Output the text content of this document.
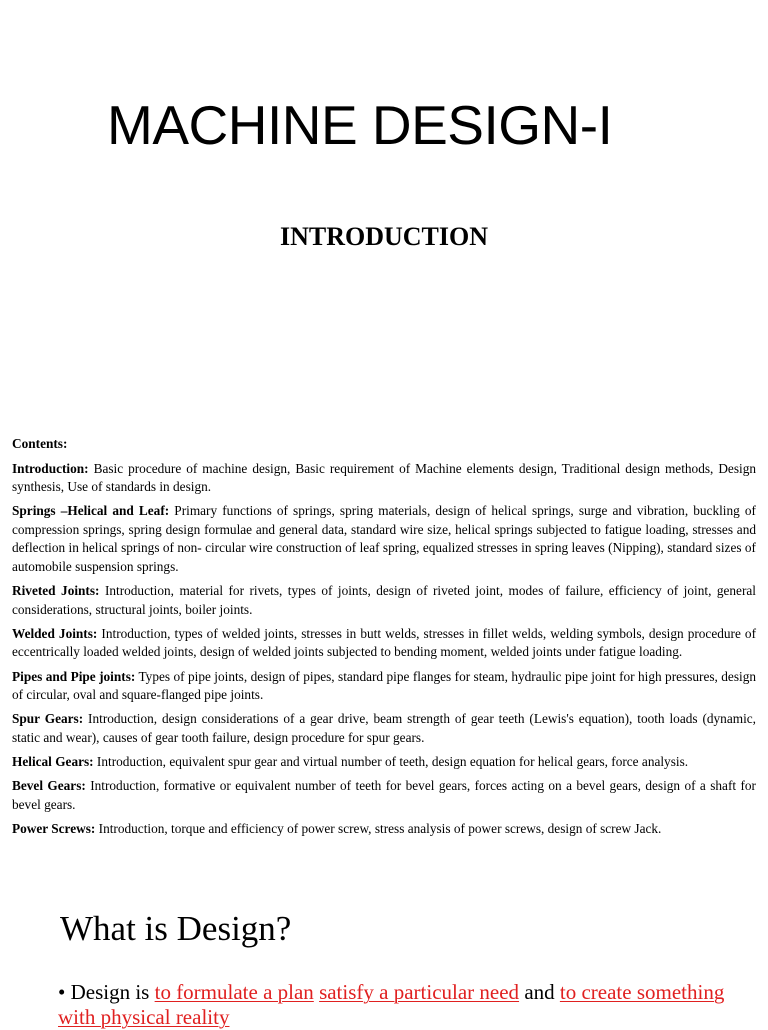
MACHINE DESIGN-I
INTRODUCTION

Contents:

Introduction: Basic procedure of machine design, Basic requirement of Machine elements design, Traditional design methods, Design synthesis, Use of standards in design.

Springs –Helical and Leaf: Primary functions of springs, spring materials, design of helical springs, surge and vibration, buckling of compression springs, spring design formulae and general data, standard wire size, helical springs subjected to fatigue loading, stresses and deflection in helical springs of non- circular wire construction of leaf spring, equalized stresses in spring leaves (Nipping), standard sizes of automobile suspension springs.

Riveted Joints: Introduction, material for rivets, types of joints, design of riveted joint, modes of failure, efficiency of joint, general considerations, structural joints, boiler joints.

Welded Joints: Introduction, types of welded joints, stresses in butt welds, stresses in fillet welds, welding symbols, design procedure of eccentrically loaded welded joints, design of welded joints subjected to bending moment, welded joints under fatigue loading.

Pipes and Pipe joints: Types of pipe joints, design of pipes, standard pipe flanges for steam, hydraulic pipe joint for high pressures, design of circular, oval and square-flanged pipe joints.

Spur Gears: Introduction, design considerations of a gear drive, beam strength of gear teeth (Lewis's equation), tooth loads (dynamic, static and wear), causes of gear tooth failure, design procedure for spur gears.

Helical Gears: Introduction, equivalent spur gear and virtual number of teeth, design equation for helical gears, force analysis.

Bevel Gears: Introduction, formative or equivalent number of teeth for bevel gears, forces acting on a bevel gears, design of a shaft for bevel gears.

Power Screws: Introduction, torque and efficiency of power screw, stress analysis of power screws, design of screw Jack.

What is Design?
• Design is to formulate a plan satisfy a particular need and to create something with physical reality
